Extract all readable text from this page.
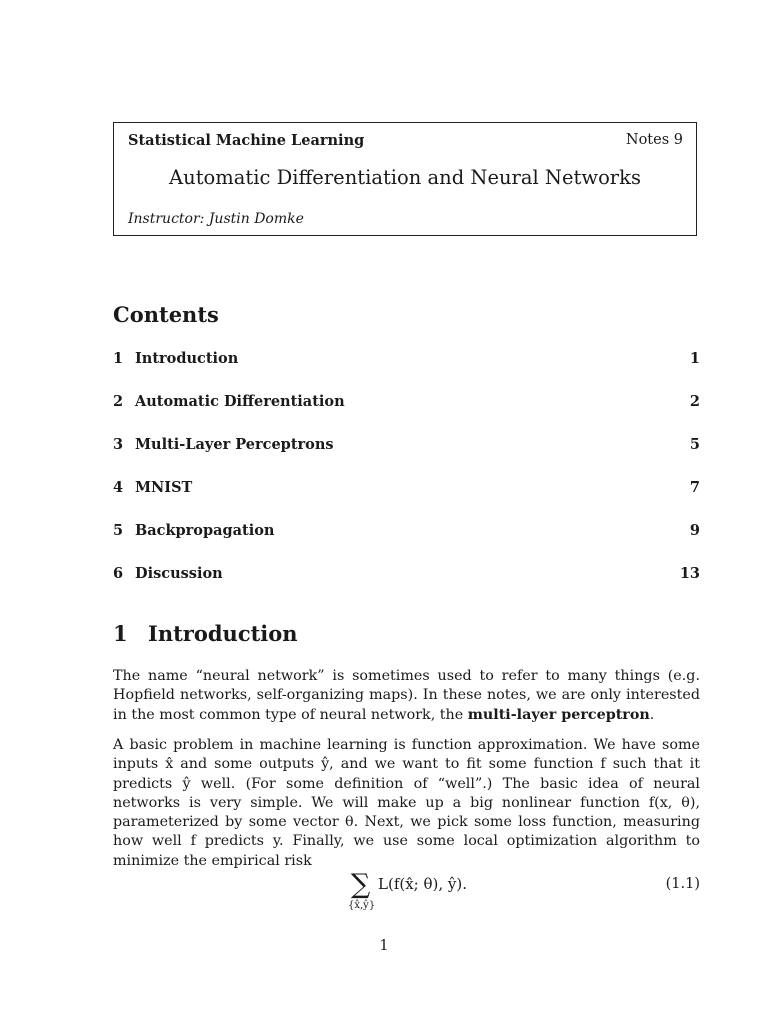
Statistical Machine Learning	Notes 9
Automatic Differentiation and Neural Networks
Instructor: Justin Domke
Contents
1 Introduction	1
2 Automatic Differentiation	2
3 Multi-Layer Perceptrons	5
4 MNIST	7
5 Backpropagation	9
6 Discussion	13
1 Introduction
The name “neural network” is sometimes used to refer to many things (e.g. Hopfield networks, self-organizing maps). In these notes, we are only interested in the most common type of neural network, the multi-layer perceptron.
A basic problem in machine learning is function approximation. We have some inputs x̂ and some outputs ŷ, and we want to fit some function f such that it predicts ŷ well. (For some definition of “well”.) The basic idea of neural networks is very simple. We will make up a big nonlinear function f(x, θ), parameterized by some vector θ. Next, we pick some loss function, measuring how well f predicts y. Finally, we use some local optimization algorithm to minimize the empirical risk
∑
{x̂,ŷ}
L(f(x̂; θ), ŷ).	(1.1)
1
